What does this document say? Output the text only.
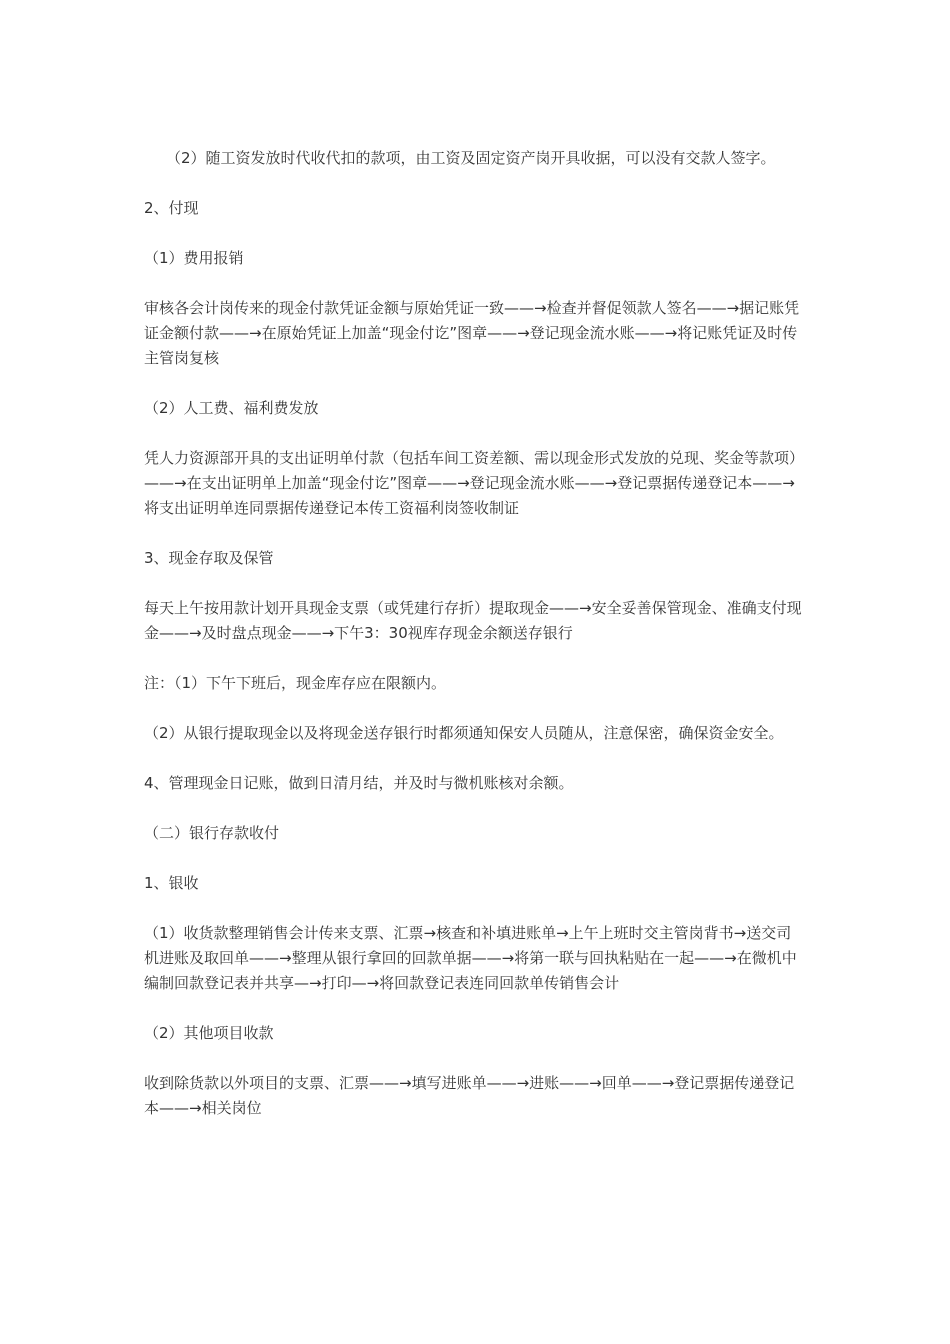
（2）随工资发放时代收代扣的款项，由工资及固定资产岗开具收据，可以没有交款人签字。

2、付现

（1）费用报销

审核各会计岗传来的现金付款凭证金额与原始凭证一致——→检查并督促领款人签名——→据记账凭证金额付款——→在原始凭证上加盖“现金付讫”图章——→登记现金流水账——→将记账凭证及时传主管岗复核

（2）人工费、福利费发放

凭人力资源部开具的支出证明单付款（包括车间工资差额、需以现金形式发放的兑现、奖金等款项）——→在支出证明单上加盖“现金付讫”图章——→登记现金流水账——→登记票据传递登记本——→将支出证明单连同票据传递登记本传工资福利岗签收制证

3、现金存取及保管

每天上午按用款计划开具现金支票（或凭建行存折）提取现金——→安全妥善保管现金、准确支付现金——→及时盘点现金——→下午3：30视库存现金余额送存银行

注：（1）下午下班后，现金库存应在限额内。

（2）从银行提取现金以及将现金送存银行时都须通知保安人员随从，注意保密，确保资金安全。

4、管理现金日记账，做到日清月结，并及时与微机账核对余额。

（二）银行存款收付

1、银收

（1）收货款整理销售会计传来支票、汇票→核查和补填进账单→上午上班时交主管岗背书→送交司机进账及取回单——→整理从银行拿回的回款单据——→将第一联与回执粘贴在一起——→在微机中编制回款登记表并共享—→打印—→将回款登记表连同回款单传销售会计

（2）其他项目收款

收到除货款以外项目的支票、汇票——→填写进账单——→进账——→回单——→登记票据传递登记本——→相关岗位
